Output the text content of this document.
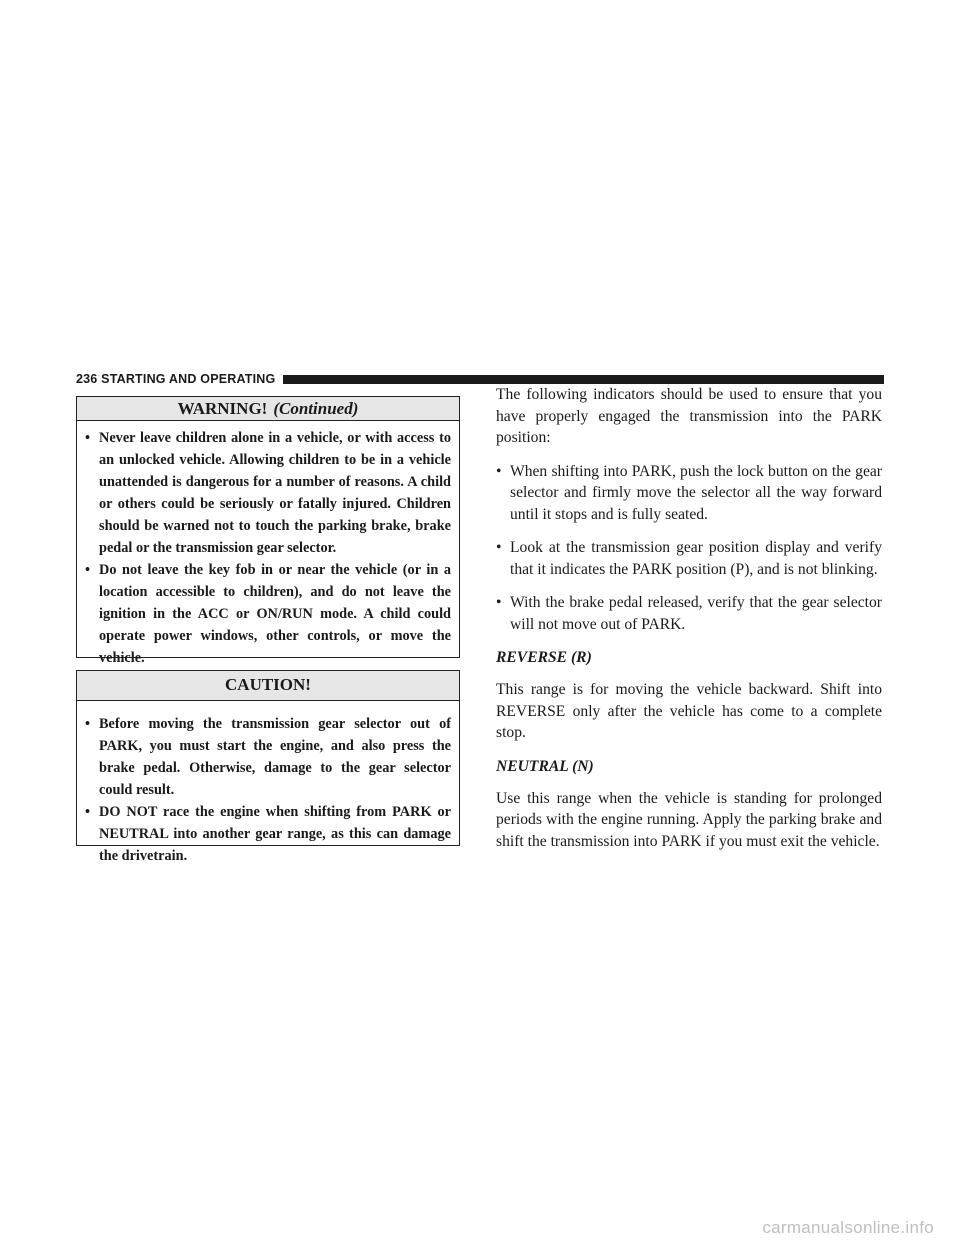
236 STARTING AND OPERATING
WARNING! (Continued)
• Never leave children alone in a vehicle, or with access to an unlocked vehicle. Allowing children to be in a vehicle unattended is dangerous for a number of reasons. A child or others could be seriously or fatally injured. Children should be warned not to touch the parking brake, brake pedal or the transmission gear selector.
• Do not leave the key fob in or near the vehicle (or in a location accessible to children), and do not leave the ignition in the ACC or ON/RUN mode. A child could operate power windows, other controls, or move the vehicle.
CAUTION!
• Before moving the transmission gear selector out of PARK, you must start the engine, and also press the brake pedal. Otherwise, damage to the gear selector could result.
• DO NOT race the engine when shifting from PARK or NEUTRAL into another gear range, as this can damage the drivetrain.

The following indicators should be used to ensure that you have properly engaged the transmission into the PARK position:

• When shifting into PARK, push the lock button on the gear selector and firmly move the selector all the way forward until it stops and is fully seated.
• Look at the transmission gear position display and verify that it indicates the PARK position (P), and is not blinking.
• With the brake pedal released, verify that the gear selector will not move out of PARK.
REVERSE (R)

This range is for moving the vehicle backward. Shift into REVERSE only after the vehicle has come to a complete stop.

NEUTRAL (N)

Use this range when the vehicle is standing for prolonged periods with the engine running. Apply the parking brake and shift the transmission into PARK if you must exit the vehicle.

carmanualsonline.info
